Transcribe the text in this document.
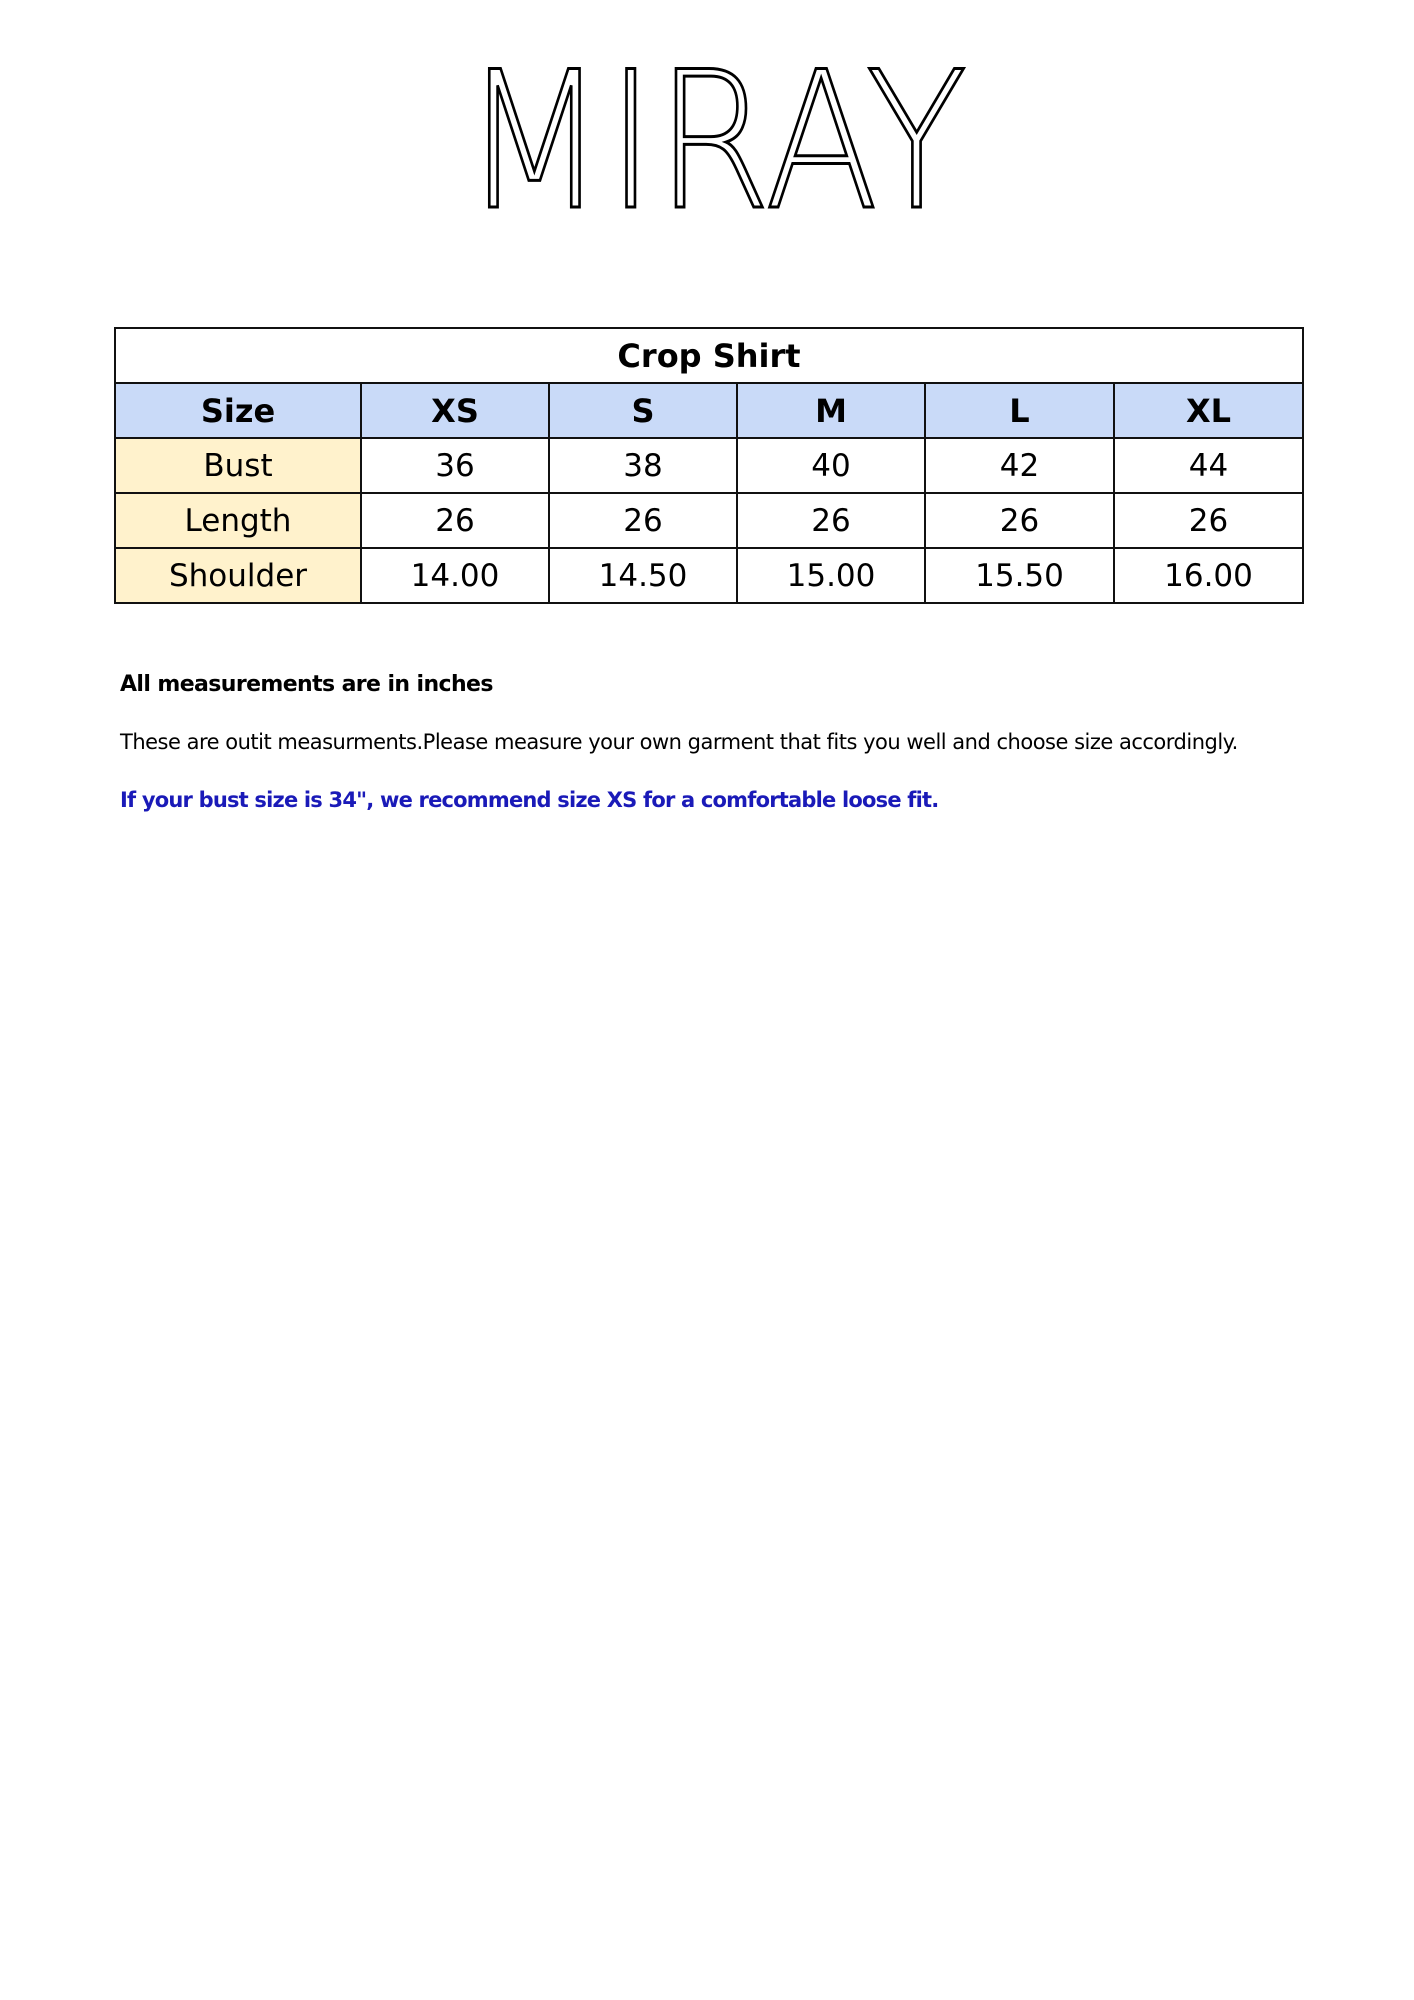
MIRAY
Crop Shirt					
Size	XS	S	M	L	XL
Bust	36	38	40	42	44
Length	26	26	26	26	26
Shoulder	14.00	14.50	15.00	15.50	16.00

All measurements are in inches

These are outit measurments.Please measure your own garment that fits you well and choose size accordingly.

If your bust size is 34", we recommend size XS for a comfortable loose fit.
